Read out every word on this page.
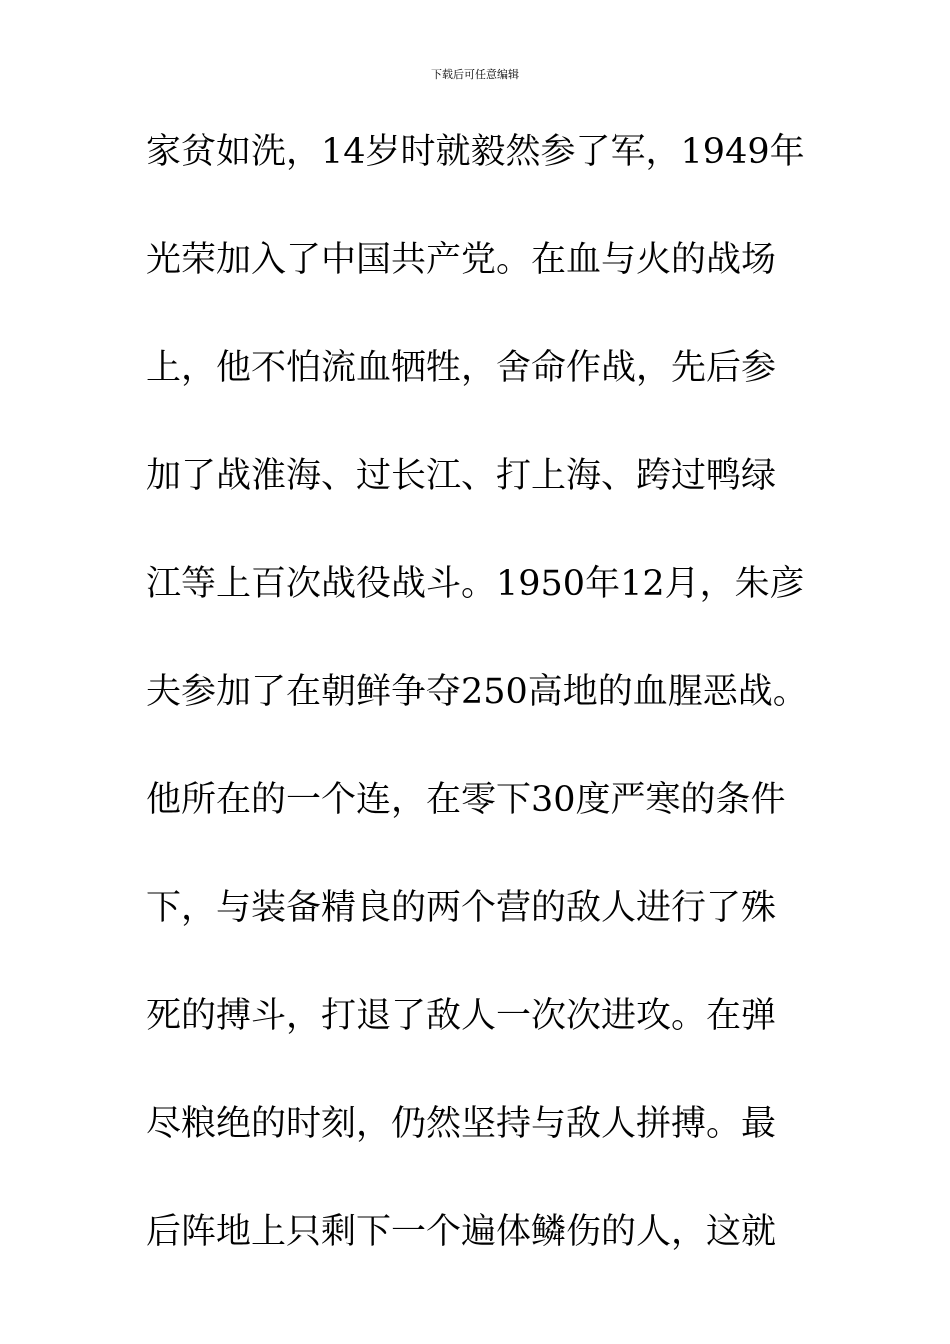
下载后可任意编辑
家贫如洗，14岁时就毅然参了军，1949年
光荣加入了中国共产党。在血与火的战场
上，他不怕流血牺牲，舍命作战，先后参
加了战淮海、过长江、打上海、跨过鸭绿
江等上百次战役战斗。1950年12月，朱彦
夫参加了在朝鲜争夺250高地的血腥恶战。
他所在的一个连，在零下30度严寒的条件
下，与装备精良的两个营的敌人进行了殊
死的搏斗，打退了敌人一次次进攻。在弹
尽粮绝的时刻，仍然坚持与敌人拼搏。最
后阵地上只剩下一个遍体鳞伤的人，这就
